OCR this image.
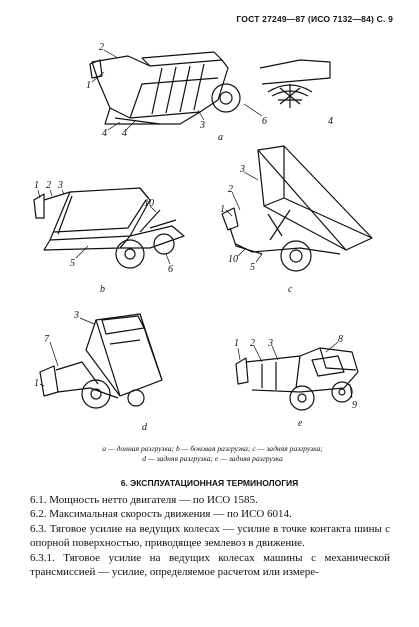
ГОСТ 27249—87 (ИСО 7132—84) С. 9
1
2
3
4 4
6	4
a
1 2 3
10
5
6
b
3
2
1
10
5
c
3
7
1
d
1 2 3	8
9
e
а — донная разгрузка; b — боковая разгрузка; c — задняя разгрузка;
d — задняя разгрузка; е — задняя разгрузка
6. ЭКСПЛУАТАЦИОННАЯ ТЕРМИНОЛОГИЯ

6.1. Мощность нетто двигателя — по ИСО 1585.

6.2. Максимальная скорость движения — по ИСО 6014.

6.3. Тяговое усилие на ведущих колесах — усилие в точке контакта шины с опорной поверхностью, приводящее землевоз в движение.

6.3.1. Тяговое усилие на ведущих колесах машины с механической трансмиссией — усилие, определяемое расчетом или измере-
